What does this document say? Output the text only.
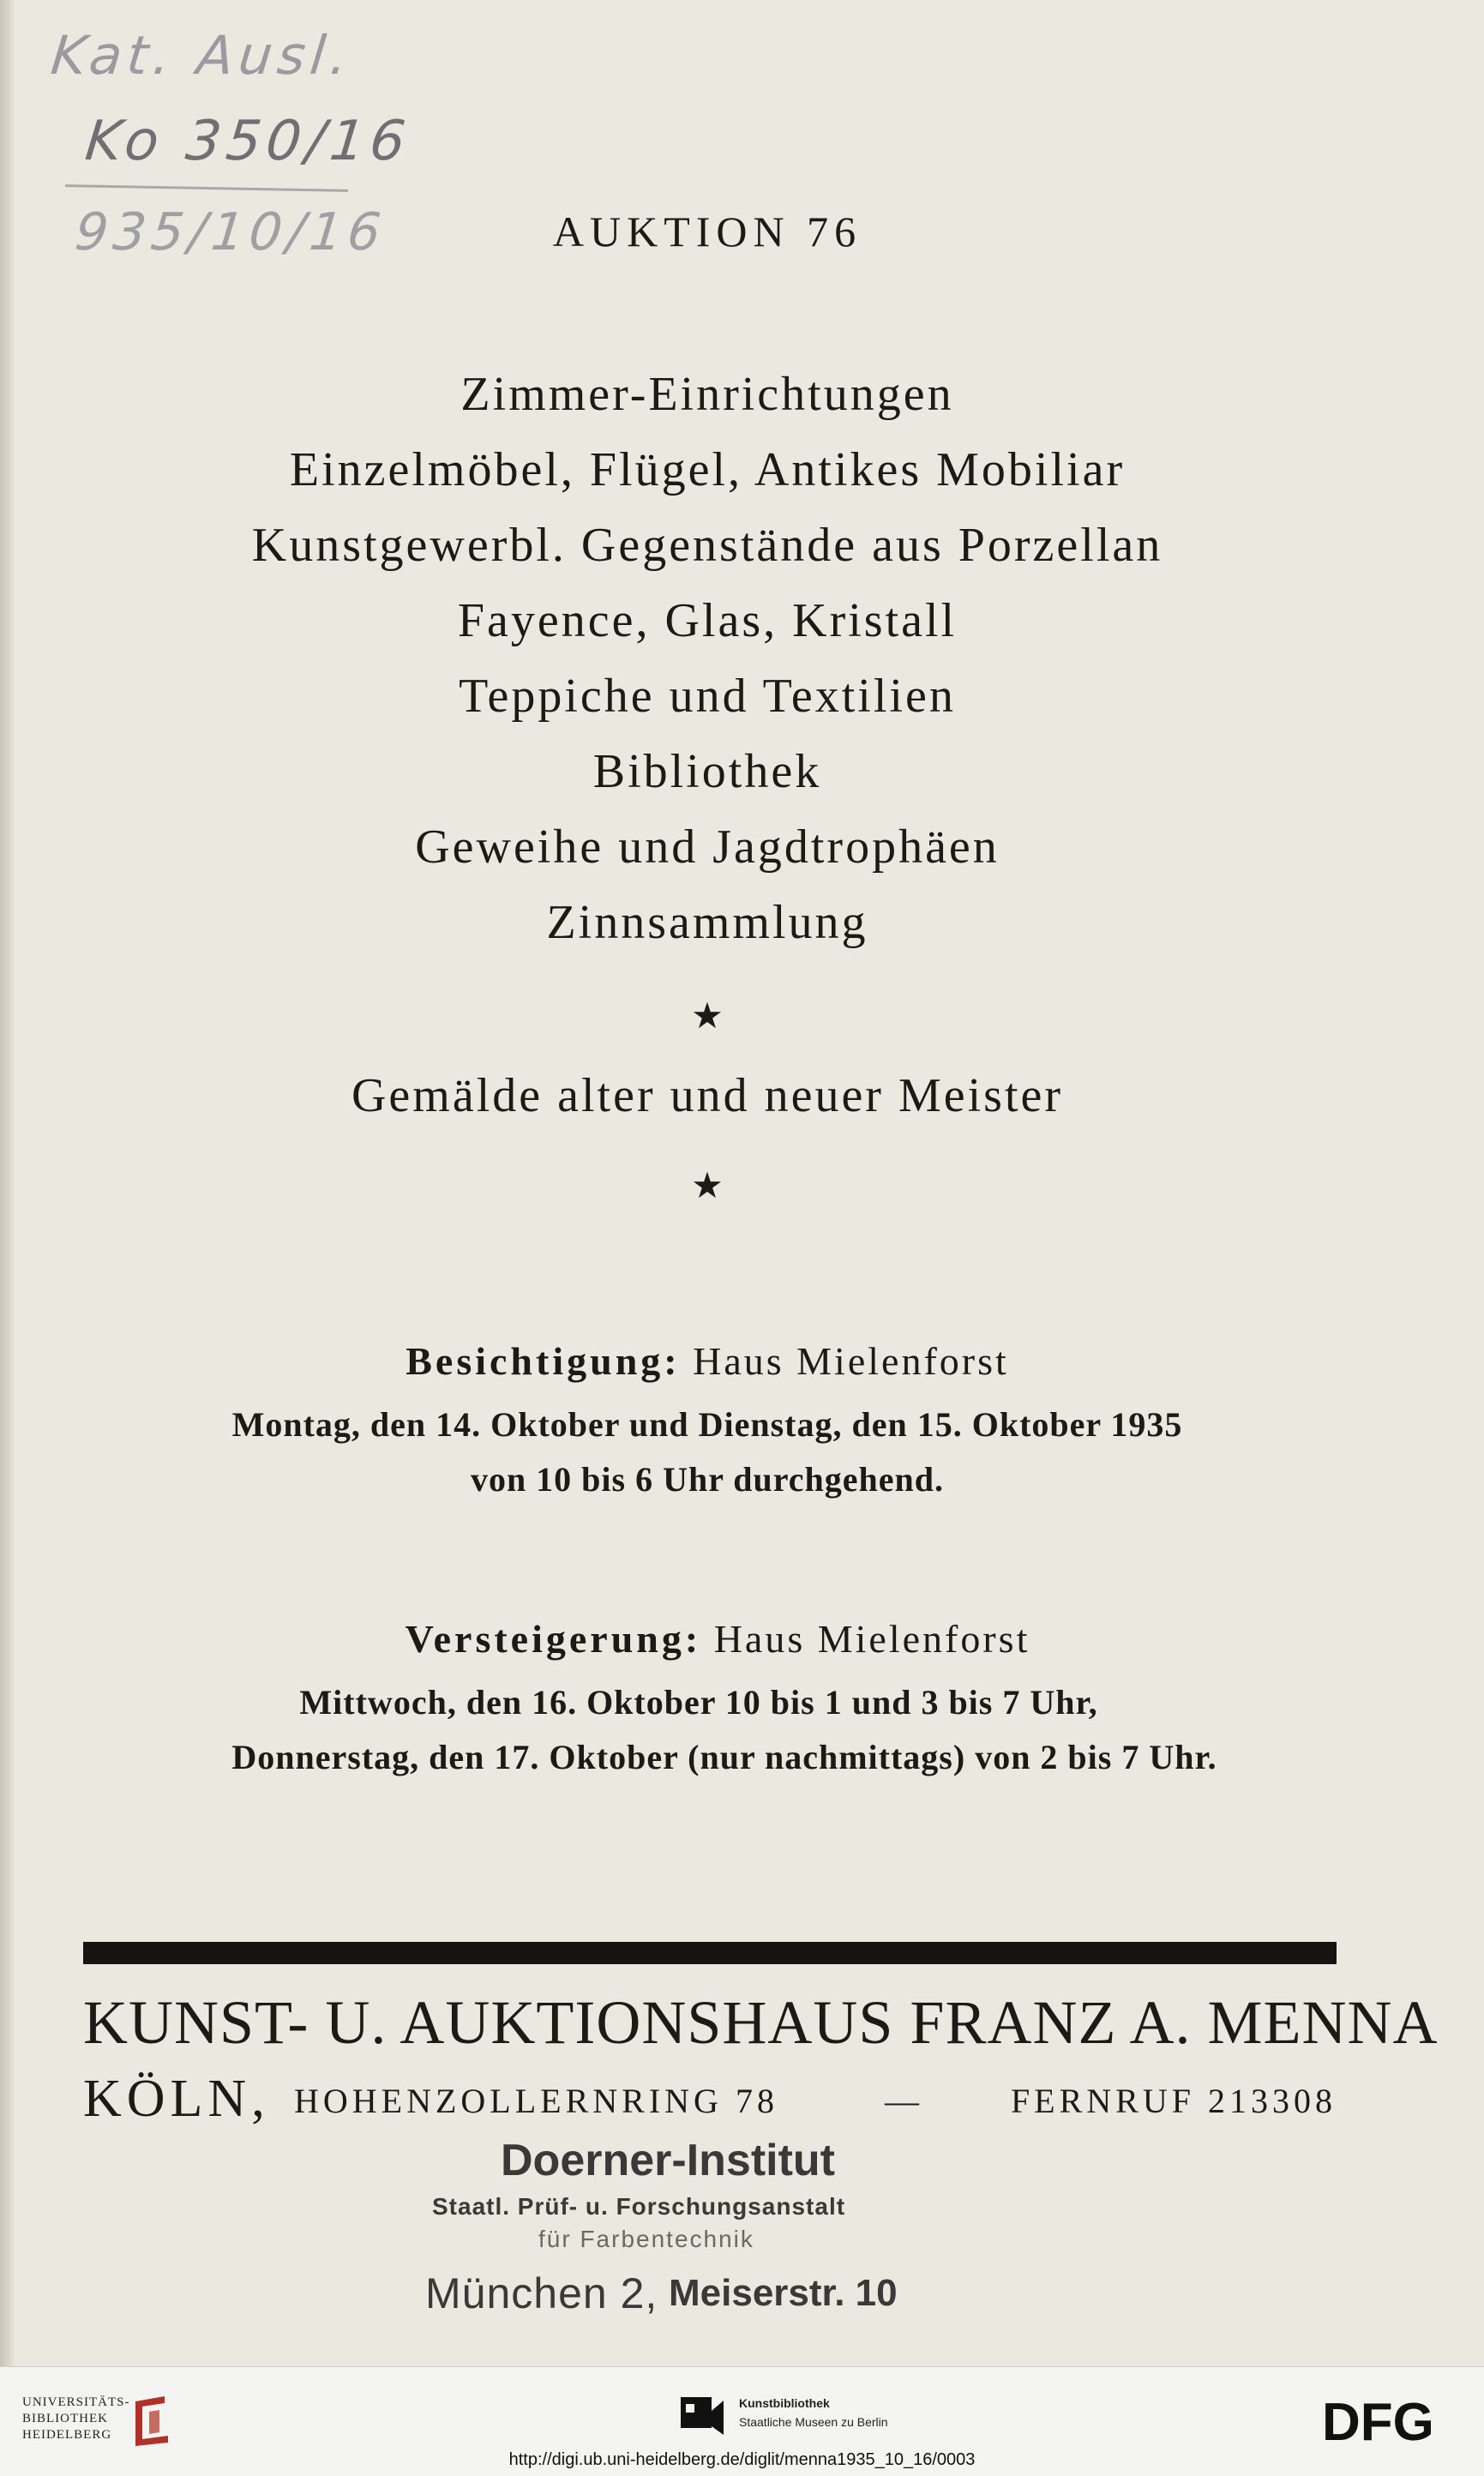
Kat. Ausl.
Ko 350/16
935/10/16	AUKTION 76
Zimmer-Einrichtungen
Einzelmöbel, Flügel, Antikes Mobiliar
Kunstgewerbl. Gegenstände aus Porzellan
Fayence, Glas, Kristall
Teppiche und Textilien
Bibliothek
Geweihe und Jagdtrophäen
Zinnsammlung
★
Gemälde alter und neuer Meister
★
Besichtigung: Haus Mielenforst
Montag, den 14. Oktober und Dienstag, den 15. Oktober 1935
von 10 bis 6 Uhr durchgehend.
Versteigerung: Haus Mielenforst
Mittwoch, den 16. Oktober 10 bis 1 und 3 bis 7 Uhr,
Donnerstag, den 17. Oktober (nur nachmittags) von 2 bis 7 Uhr.
KUNST- U. AUKTIONSHAUS FRANZ A. MENNA
KÖLN, HOHENZOLLERNRING 78	—	FERNRUF 213308
Doerner-Institut
Staatl. Prüf- u. Forschungsanstalt
für Farbentechnik
München 2, Meiserstr. 10
UNIVERSITÄTS-
BIBLIOTHEK
HEIDELBERG
Kunstbibliothek
Staatliche Museen zu Berlin	DFG
http://digi.ub.uni-heidelberg.de/diglit/menna1935_10_16/0003
